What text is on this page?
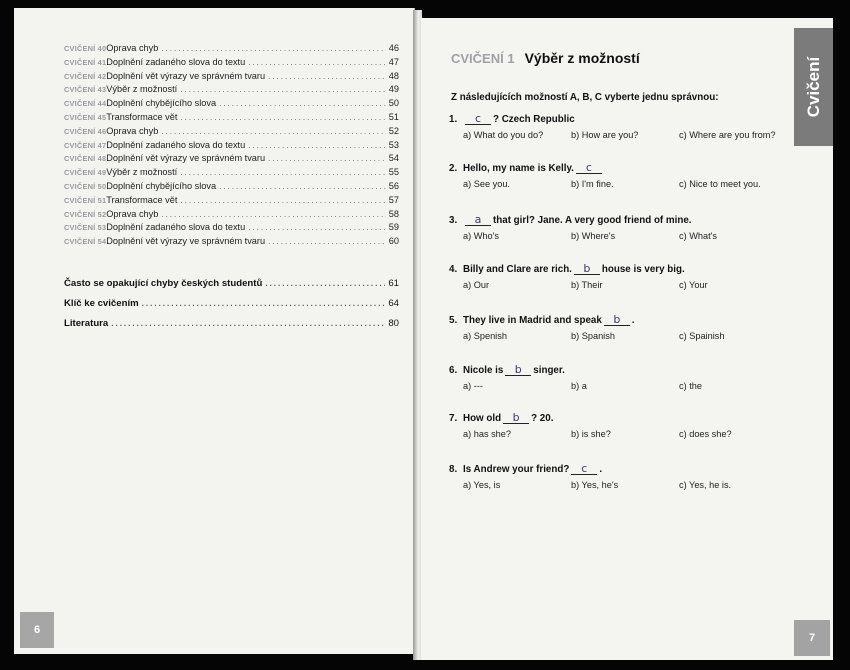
CVIČENÍ 40 Oprava chyb .....	46
CVIČENÍ 41 Doplnění zadaného slova do textu .....	47
CVIČENÍ 42 Doplnění vět výrazy ve správném tvaru .....	48
CVIČENÍ 43 Výběr z možností .....	49
CVIČENÍ 44 Doplnění chybějícího slova .....	50
CVIČENÍ 45 Transformace vět .....	51
CVIČENÍ 46 Oprava chyb .....	52
CVIČENÍ 47 Doplnění zadaného slova do textu .....	53
CVIČENÍ 48 Doplnění vět výrazy ve správném tvaru .....	54
CVIČENÍ 49 Výběr z možností .....	55
CVIČENÍ 50 Doplnění chybějícího slova .....	56
CVIČENÍ 51 Transformace vět .....	57
CVIČENÍ 52 Oprava chyb .....	58
CVIČENÍ 53 Doplnění zadaného slova do textu .....	59
CVIČENÍ 54 Doplnění vět výrazy ve správném tvaru .....	60
Často se opakující chyby českých studentů .....	61
Klíč ke cvičením .....	64
Literatura .....	80
6
Cvičení
CVIČENÍ 1 Výběr z možností
Z následujících možností A, B, C vyberte jednu správnou:
1. c ? Czech Republic
a) What do you do?	b) How are you?	c) Where are you from?
2. Hello, my name is Kelly. c
a) See you.	b) I'm fine.	c) Nice to meet you.
3. a that girl? Jane. A very good friend of mine.
a) Who's	b) Where's	c) What's
4. Billy and Clare are rich. b house is very big.
a) Our	b) Their	c) Your
5. They live in Madrid and speak b .
a) Spenish	b) Spanish	c) Spainish
6. Nicole is b singer.
a) ---	b) a	c) the
7. How old b ? 20.
a) has she?	b) is she?	c) does she?
8. Is Andrew your friend? c .
a) Yes, is	b) Yes, he's	c) Yes, he is.
7
